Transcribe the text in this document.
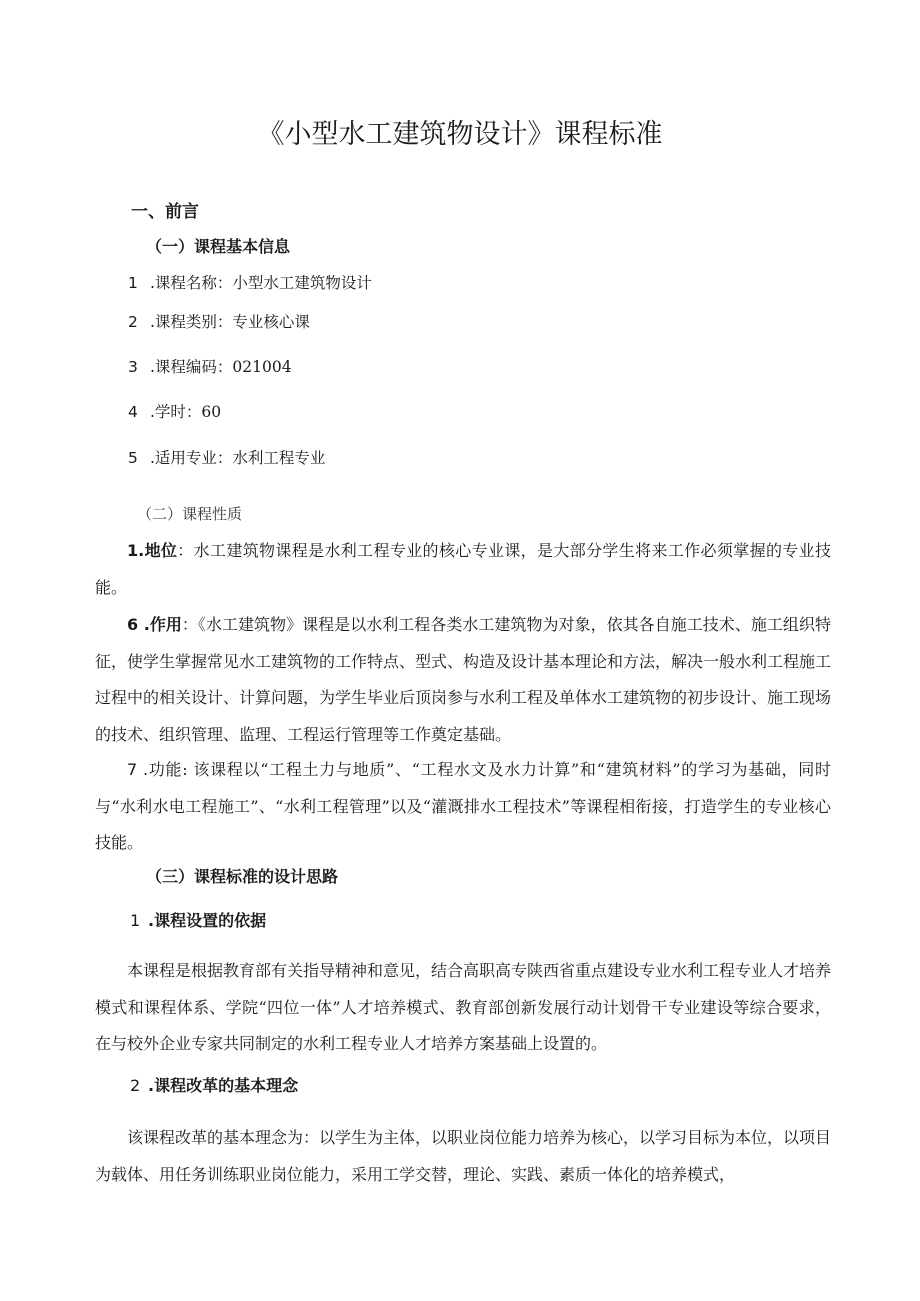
《小型水工建筑物设计》课程标准
一、前言
（一）课程基本信息
1 .课程名称：小型水工建筑物设计
2 .课程类别：专业核心课
3 .课程编码：021004
4 .学时：60
5 .适用专业：水利工程专业
（二）课程性质
1.地位：水工建筑物课程是水利工程专业的核心专业课，是大部分学生将来工作必须掌握的专业技能。
6 .作用：《水工建筑物》课程是以水利工程各类水工建筑物为对象，依其各自施工技术、施工组织特征，使学生掌握常见水工建筑物的工作特点、型式、构造及设计基本理论和方法，解决一般水利工程施工过程中的相关设计、计算问题，为学生毕业后顶岗参与水利工程及单体水工建筑物的初步设计、施工现场的技术、组织管理、监理、工程运行管理等工作奠定基础。
7 .功能: 该课程以“工程土力与地质”、“工程水文及水力计算”和“建筑材料”的学习为基础，同时与“水利水电工程施工”、“水利工程管理”以及“灌溉排水工程技术”等课程相衔接，打造学生的专业核心技能。
（三）课程标准的设计思路
1 .课程设置的依据
本课程是根据教育部有关指导精神和意见，结合高职高专陕西省重点建设专业水利工程专业人才培养模式和课程体系、学院“四位一体”人才培养模式、教育部创新发展行动计划骨干专业建设等综合要求，在与校外企业专家共同制定的水利工程专业人才培养方案基础上设置的。
2 .课程改革的基本理念
该课程改革的基本理念为：以学生为主体，以职业岗位能力培养为核心，以学习目标为本位，以项目为载体、用任务训练职业岗位能力，采用工学交替，理论、实践、素质一体化的培养模式，
